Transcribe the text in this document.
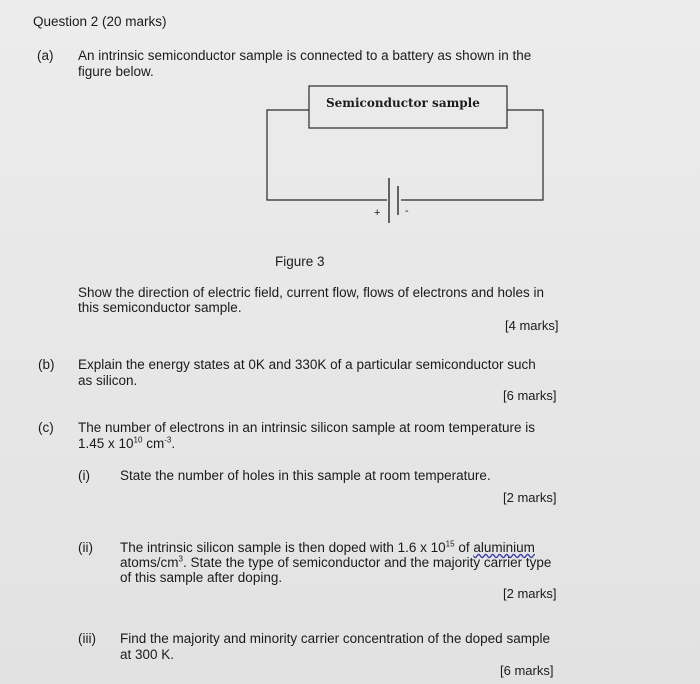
Question 2 (20 marks)
(a) An intrinsic semiconductor sample is connected to a battery as shown in the
figure below.
Semiconductor sample
+ -
Figure 3
Show the direction of electric field, current flow, flows of electrons and holes in
this semiconductor sample.
[4 marks]
(b) Explain the energy states at 0K and 330K of a particular semiconductor such
as silicon.
[6 marks]
(c) The number of electrons in an intrinsic silicon sample at room temperature is
1.45 x $10^{10}$ $cm^{-3}$.
(i) State the number of holes in this sample at room temperature.
[2 marks]
(ii) The intrinsic silicon sample is then doped with 1.6 x $10^{15}$ of aluminium
atoms/$cm^3$. State the type of semiconductor and the majority carrier type
of this sample after doping.
[2 marks]
(iii) Find the majority and minority carrier concentration of the doped sample
at 300 K.
[6 marks]
